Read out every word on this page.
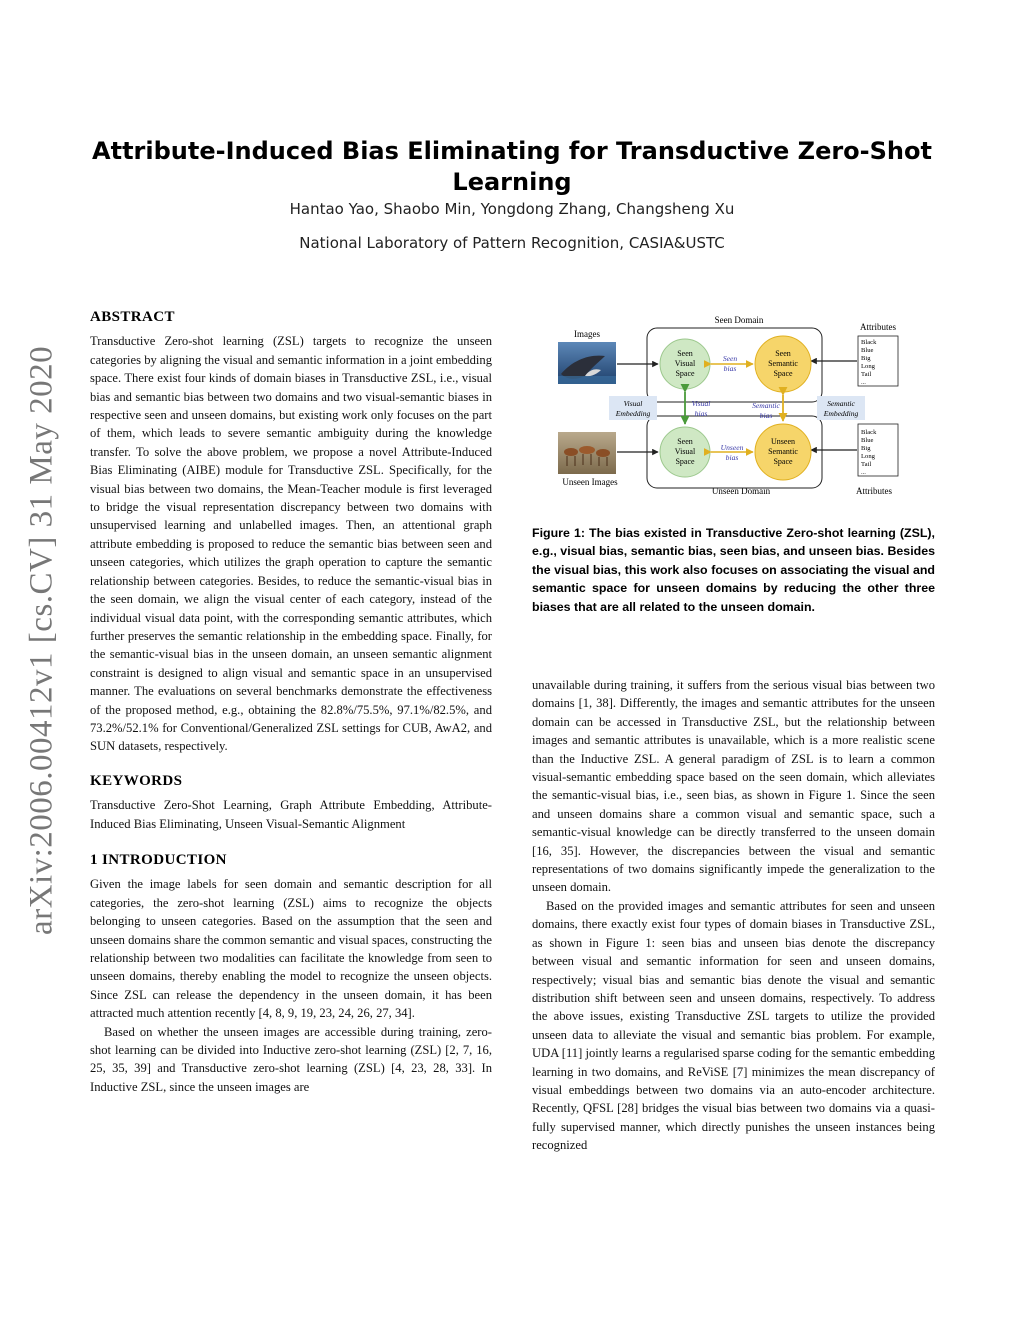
arXiv:2006.00412v1 [cs.CV] 31 May 2020
Attribute-Induced Bias Eliminating for Transductive Zero-Shot Learning
Hantao Yao, Shaobo Min, Yongdong Zhang, Changsheng Xu
National Laboratory of Pattern Recognition, CASIA&USTC
ABSTRACT

Transductive Zero-shot learning (ZSL) targets to recognize the unseen categories by aligning the visual and semantic information in a joint embedding space. There exist four kinds of domain biases in Transductive ZSL, i.e., visual bias and semantic bias between two domains and two visual-semantic biases in respective seen and unseen domains, but existing work only focuses on the part of them, which leads to severe semantic ambiguity during the knowledge transfer. To solve the above problem, we propose a novel Attribute-Induced Bias Eliminating (AIBE) module for Transductive ZSL. Specifically, for the visual bias between two domains, the Mean-Teacher module is first leveraged to bridge the visual representation discrepancy between two domains with unsupervised learning and unlabelled images. Then, an attentional graph attribute embedding is proposed to reduce the semantic bias between seen and unseen categories, which utilizes the graph operation to capture the semantic relationship between categories. Besides, to reduce the semantic-visual bias in the seen domain, we align the visual center of each category, instead of the individual visual data point, with the corresponding semantic attributes, which further preserves the semantic relationship in the embedding space. Finally, for the semantic-visual bias in the unseen domain, an unseen semantic alignment constraint is designed to align visual and semantic space in an unsupervised manner. The evaluations on several benchmarks demonstrate the effectiveness of the proposed method, e.g., obtaining the 82.8%/75.5%, 97.1%/82.5%, and 73.2%/52.1% for Conventional/Generalized ZSL settings for CUB, AwA2, and SUN datasets, respectively.

KEYWORDS

Transductive Zero-Shot Learning, Graph Attribute Embedding, Attribute-Induced Bias Eliminating, Unseen Visual-Semantic Alignment

1 INTRODUCTION

Given the image labels for seen domain and semantic description for all categories, the zero-shot learning (ZSL) aims to recognize the objects belonging to unseen categories. Based on the assumption that the seen and unseen domains share the common semantic and visual spaces, constructing the relationship between two modalities can facilitate the knowledge from seen to unseen domains, thereby enabling the model to recognize the unseen objects. Since ZSL can release the dependency in the unseen domain, it has been attracted much attention recently [4, 8, 9, 19, 23, 24, 26, 27, 34].

Based on whether the unseen images are accessible during training, zero-shot learning can be divided into Inductive zero-shot learning (ZSL) [2, 7, 16, 25, 35, 39] and Transductive zero-shot learning (ZSL) [4, 23, 28, 33]. In Inductive ZSL, since the unseen images are

Seen Domain
Unseen Domain
Images
Unseen Images
Attributes
Attributes
Black
Blue
Big
Long
Tail
...
Black
Blue
Big
Long
Tail
...
Seen
Visual
Space
Seen
Semantic
Space
Seen
Visual
Space
Unseen
Semantic
Space
Seen
bias
Unseen
bias
Visual
bias
Semantic
bias
Visual
Embedding
Semantic
Embedding
Figure 1: The bias existed in Transductive Zero-shot learning (ZSL), e.g., visual bias, semantic bias, seen bias, and unseen bias. Besides the visual bias, this work also focuses on associating the visual and semantic space for unseen domains by reducing the other three biases that are all related to the unseen domain.

unavailable during training, it suffers from the serious visual bias between two domains [1, 38]. Differently, the images and semantic attributes for the unseen domain can be accessed in Transductive ZSL, but the relationship between images and semantic attributes is unavailable, which is a more realistic scene than the Inductive ZSL. A general paradigm of ZSL is to learn a common visual-semantic embedding space based on the seen domain, which alleviates the semantic-visual bias, i.e., seen bias, as shown in Figure 1. Since the seen and unseen domains share a common visual and semantic space, such a semantic-visual knowledge can be directly transferred to the unseen domain [16, 35]. However, the discrepancies between the visual and semantic representations of two domains significantly impede the generalization to the unseen domain.

Based on the provided images and semantic attributes for seen and unseen domains, there exactly exist four types of domain biases in Transductive ZSL, as shown in Figure 1: seen bias and unseen bias denote the discrepancy between visual and semantic information for seen and unseen domains, respectively; visual bias and semantic bias denote the visual and semantic distribution shift between seen and unseen domains, respectively. To address the above issues, existing Transductive ZSL targets to utilize the provided unseen data to alleviate the visual and semantic bias problem. For example, UDA [11] jointly learns a regularised sparse coding for the semantic embedding learning in two domains, and ReViSE [7] minimizes the mean discrepancy of visual embeddings between two domains via an auto-encoder architecture. Recently, QFSL [28] bridges the visual bias between two domains via a quasi-fully supervised manner, which directly punishes the unseen instances being recognized
